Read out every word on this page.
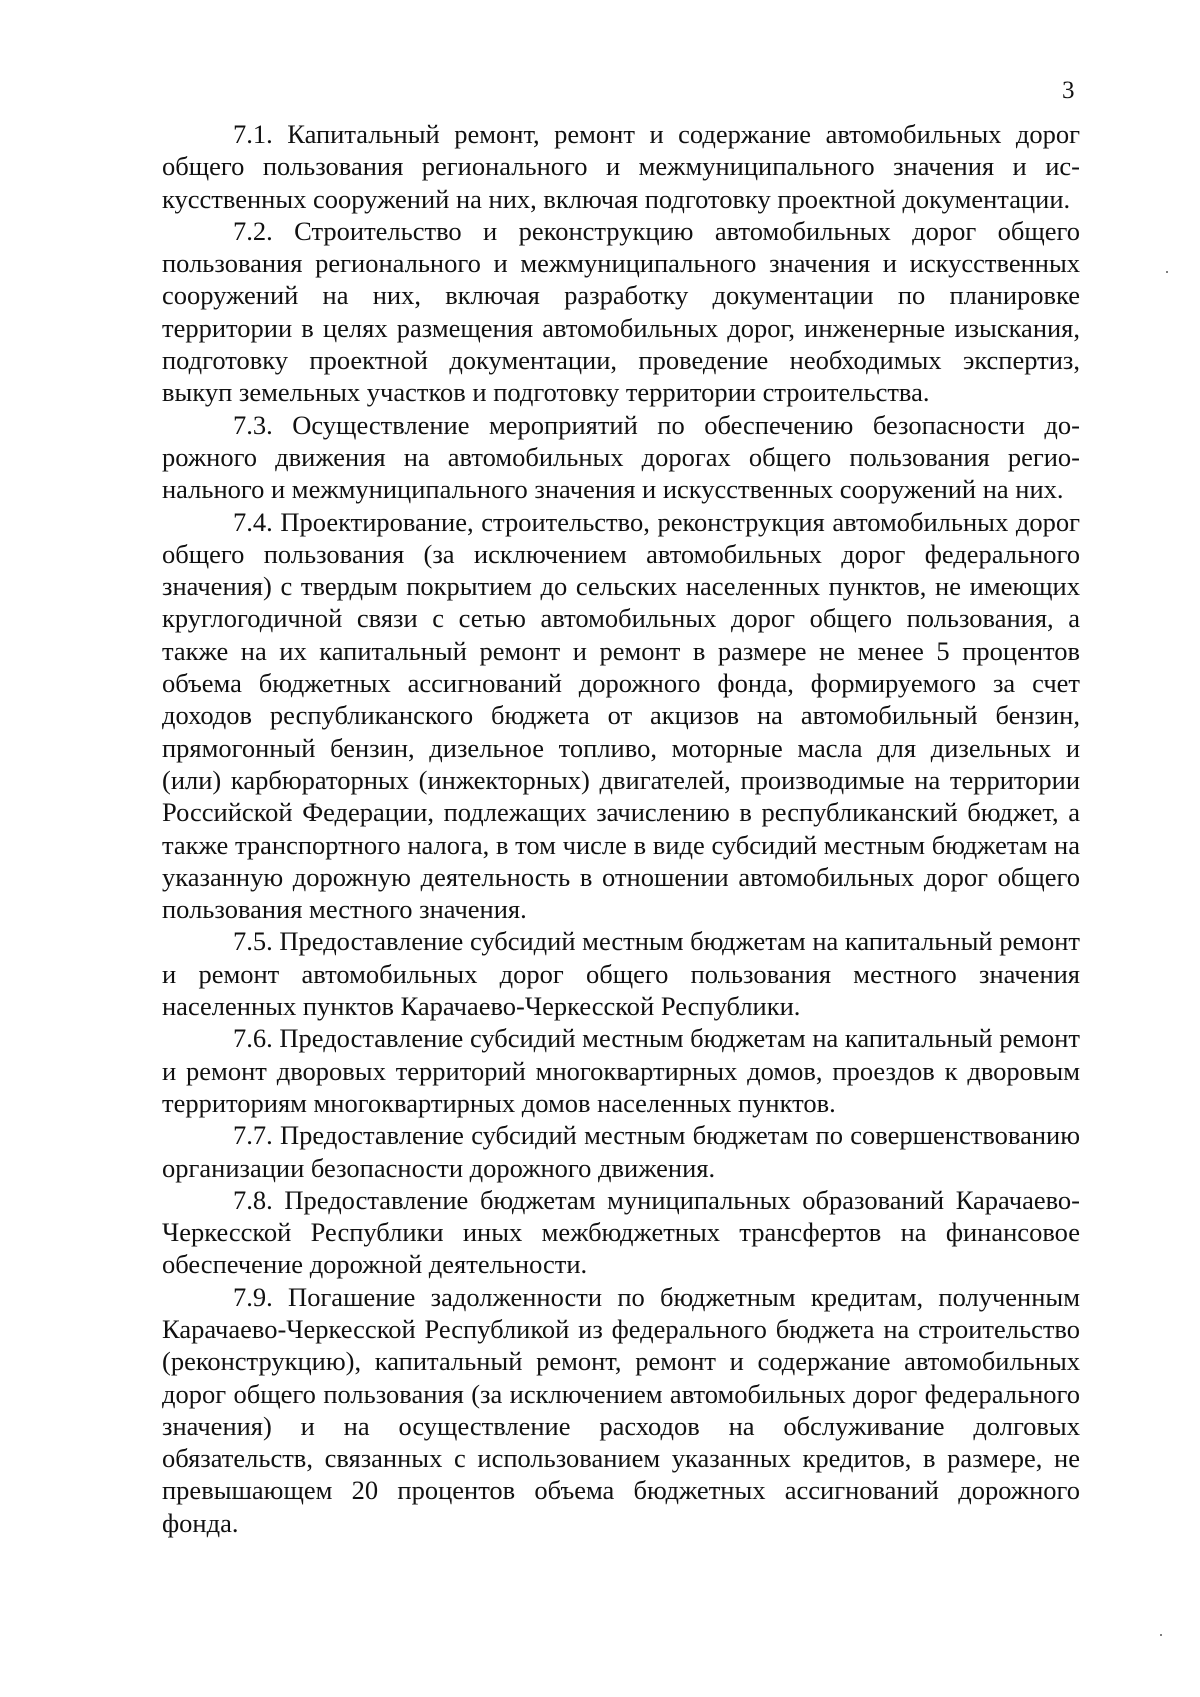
3

7.1. Капитальный ремонт, ремонт и содержание автомобильных дорог общего пользования регионального и межмуниципального значения и искусственных сооружений на них, включая подготовку проектной документации.

7.2. Строительство и реконструкцию автомобильных дорог общего пользования регионального и межмуниципального значения и искусственных сооружений на них, включая разработку документации по планировке территории в целях размещения автомобильных дорог, инженерные изыскания, подготовку проектной документации, проведение необходимых экспертиз, выкуп земельных участков и подготовку территории строительства.

7.3. Осуществление мероприятий по обеспечению безопасности дорожного движения на автомобильных дорогах общего пользования регионального и межмуниципального значения и искусственных сооружений на них.

7.4. Проектирование, строительство, реконструкция автомобильных дорог общего пользования (за исключением автомобильных дорог федерального значения) с твердым покрытием до сельских населенных пунктов, не имеющих круглогодичной связи с сетью автомобильных дорог общего пользования, а также на их капитальный ремонт и ремонт в размере не менее 5 процентов объема бюджетных ассигнований дорожного фонда, формируемого за счет доходов республиканского бюджета от акцизов на автомобильный бензин, прямогонный бензин, дизельное топливо, моторные масла для дизельных и (или) карбюраторных (инжекторных) двигателей, производимые на территории Российской Федерации, подлежащих зачислению в республиканский бюджет, а также транспортного налога, в том числе в виде субсидий местным бюджетам на указанную дорожную деятельность в отношении автомобильных дорог общего пользования местного значения.

7.5. Предоставление субсидий местным бюджетам на капитальный ремонт и ремонт автомобильных дорог общего пользования местного значения населенных пунктов Карачаево-Черкесской Республики.

7.6. Предоставление субсидий местным бюджетам на капитальный ремонт и ремонт дворовых территорий многоквартирных домов, проездов к дворовым территориям многоквартирных домов населенных пунктов.

7.7. Предоставление субсидий местным бюджетам по совершенствованию организации безопасности дорожного движения.

7.8. Предоставление бюджетам муниципальных образований Карачаево-Черкесской Республики иных межбюджетных трансфертов на финансовое обеспечение дорожной деятельности.

7.9. Погашение задолженности по бюджетным кредитам, полученным Карачаево-Черкесской Республикой из федерального бюджета на строительство (реконструкцию), капитальный ремонт, ремонт и содержание автомобильных дорог общего пользования (за исключением автомобильных дорог федерального значения) и на осуществление расходов на обслуживание долговых обязательств, связанных с использованием указанных кредитов, в размере, не превышающем 20 процентов объема бюджетных ассигнований дорожного фонда.
